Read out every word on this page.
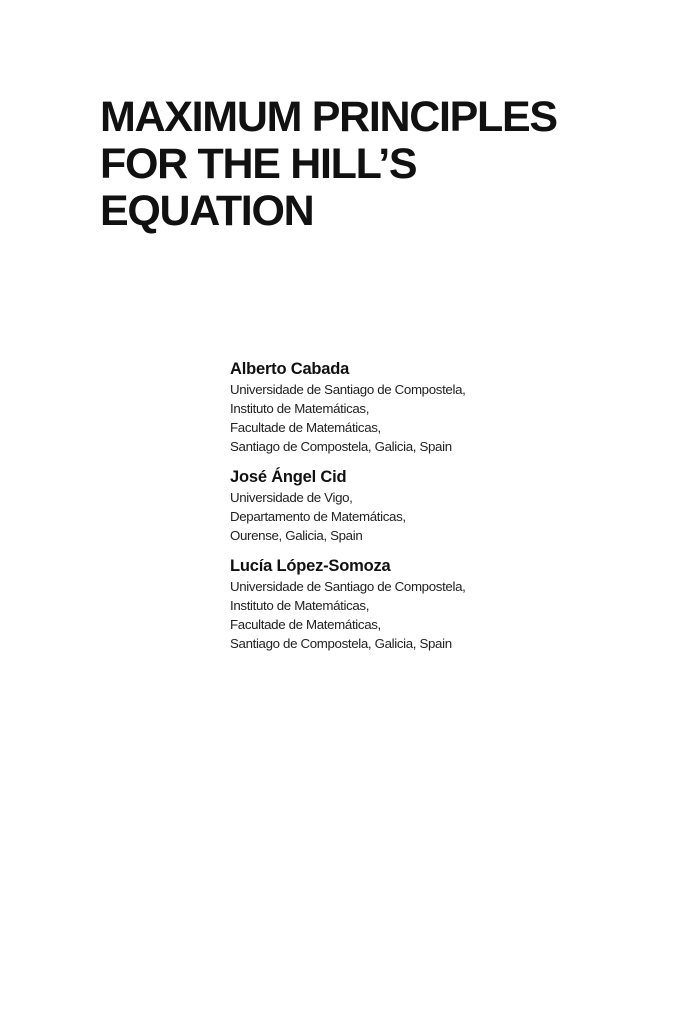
MAXIMUM PRINCIPLES
FOR THE HILL’S
EQUATION
Alberto Cabada
Universidade de Santiago de Compostela,
Instituto de Matemáticas,
Facultade de Matemáticas,
Santiago de Compostela, Galicia, Spain
José Ángel Cid
Universidade de Vigo,
Departamento de Matemáticas,
Ourense, Galicia, Spain
Lucía López-Somoza
Universidade de Santiago de Compostela,
Instituto de Matemáticas,
Facultade de Matemáticas,
Santiago de Compostela, Galicia, Spain
